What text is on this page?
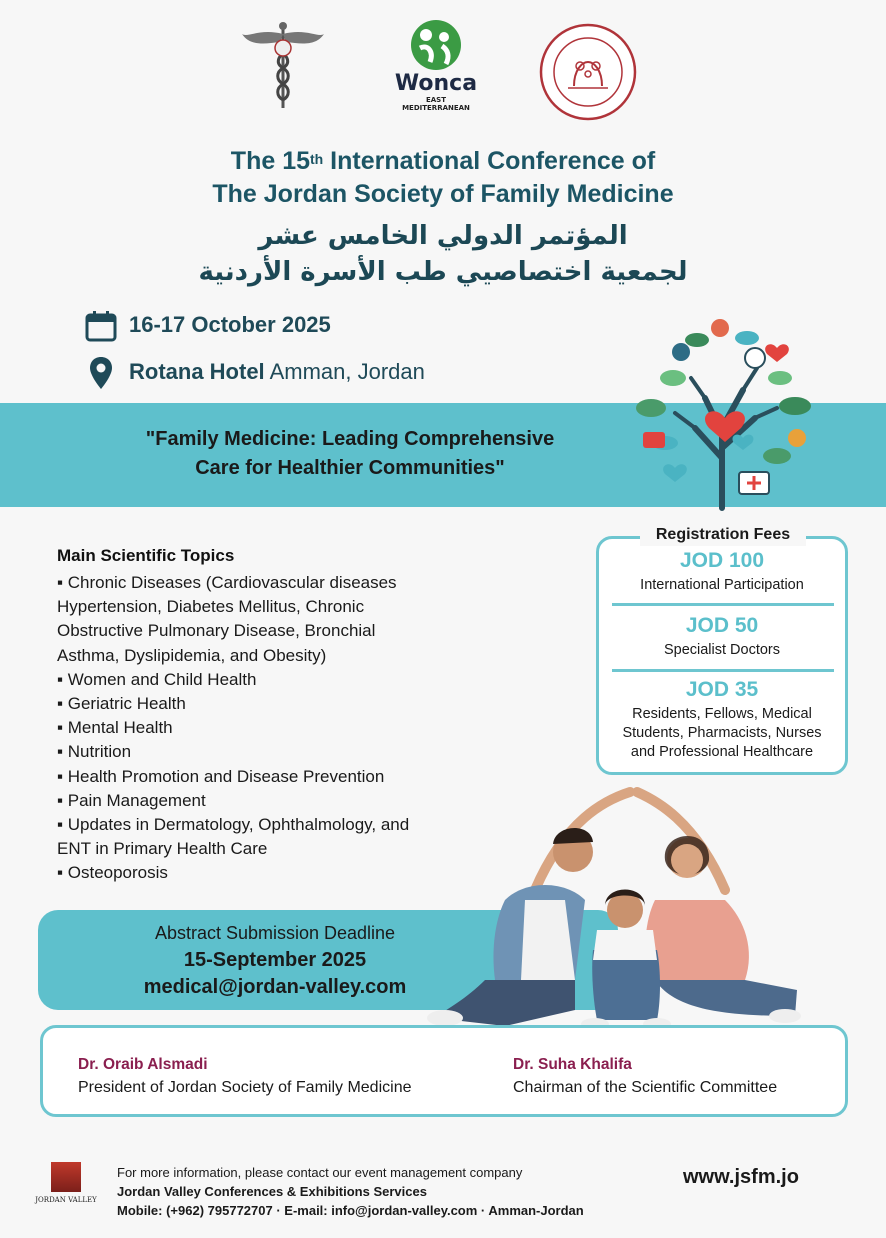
Wonca
EAST
MEDITERRANEAN
The 15th International Conference of
The Jordan Society of Family Medicine
المؤتمر الدولي الخامس عشر
لجمعية اختصاصيي طب الأسرة الأردنية
16-17 October 2025
Rotana Hotel Amman, Jordan
"Family Medicine: Leading Comprehensive
Care for Healthier Communities"
Main Scientific Topics
▪ Chronic Diseases (Cardiovascular diseases
Hypertension, Diabetes Mellitus, Chronic
Obstructive Pulmonary Disease, Bronchial
Asthma, Dyslipidemia, and Obesity)
▪ Women and Child Health
▪ Geriatric Health
▪ Mental Health
▪ Nutrition
▪ Health Promotion and Disease Prevention
▪ Pain Management
▪ Updates in Dermatology, Ophthalmology, and
ENT in Primary Health Care
▪ Osteoporosis
Registration Fees
JOD 100
International Participation
JOD 50
Specialist Doctors
JOD 35
Residents, Fellows, Medical
Students, Pharmacists, Nurses
and Professional Healthcare
Abstract Submission Deadline
15-September 2025
medical@jordan-valley.com
Dr. Oraib Alsmadi
President of Jordan Society of Family Medicine
Dr. Suha Khalifa
Chairman of the Scientific Committee
JORDAN VALLEY
For more information, please contact our event management company
Jordan Valley Conferences & Exhibitions Services
Mobile: (+962) 795772707 · E-mail: info@jordan-valley.com · Amman-Jordan
www.jsfm.jo
